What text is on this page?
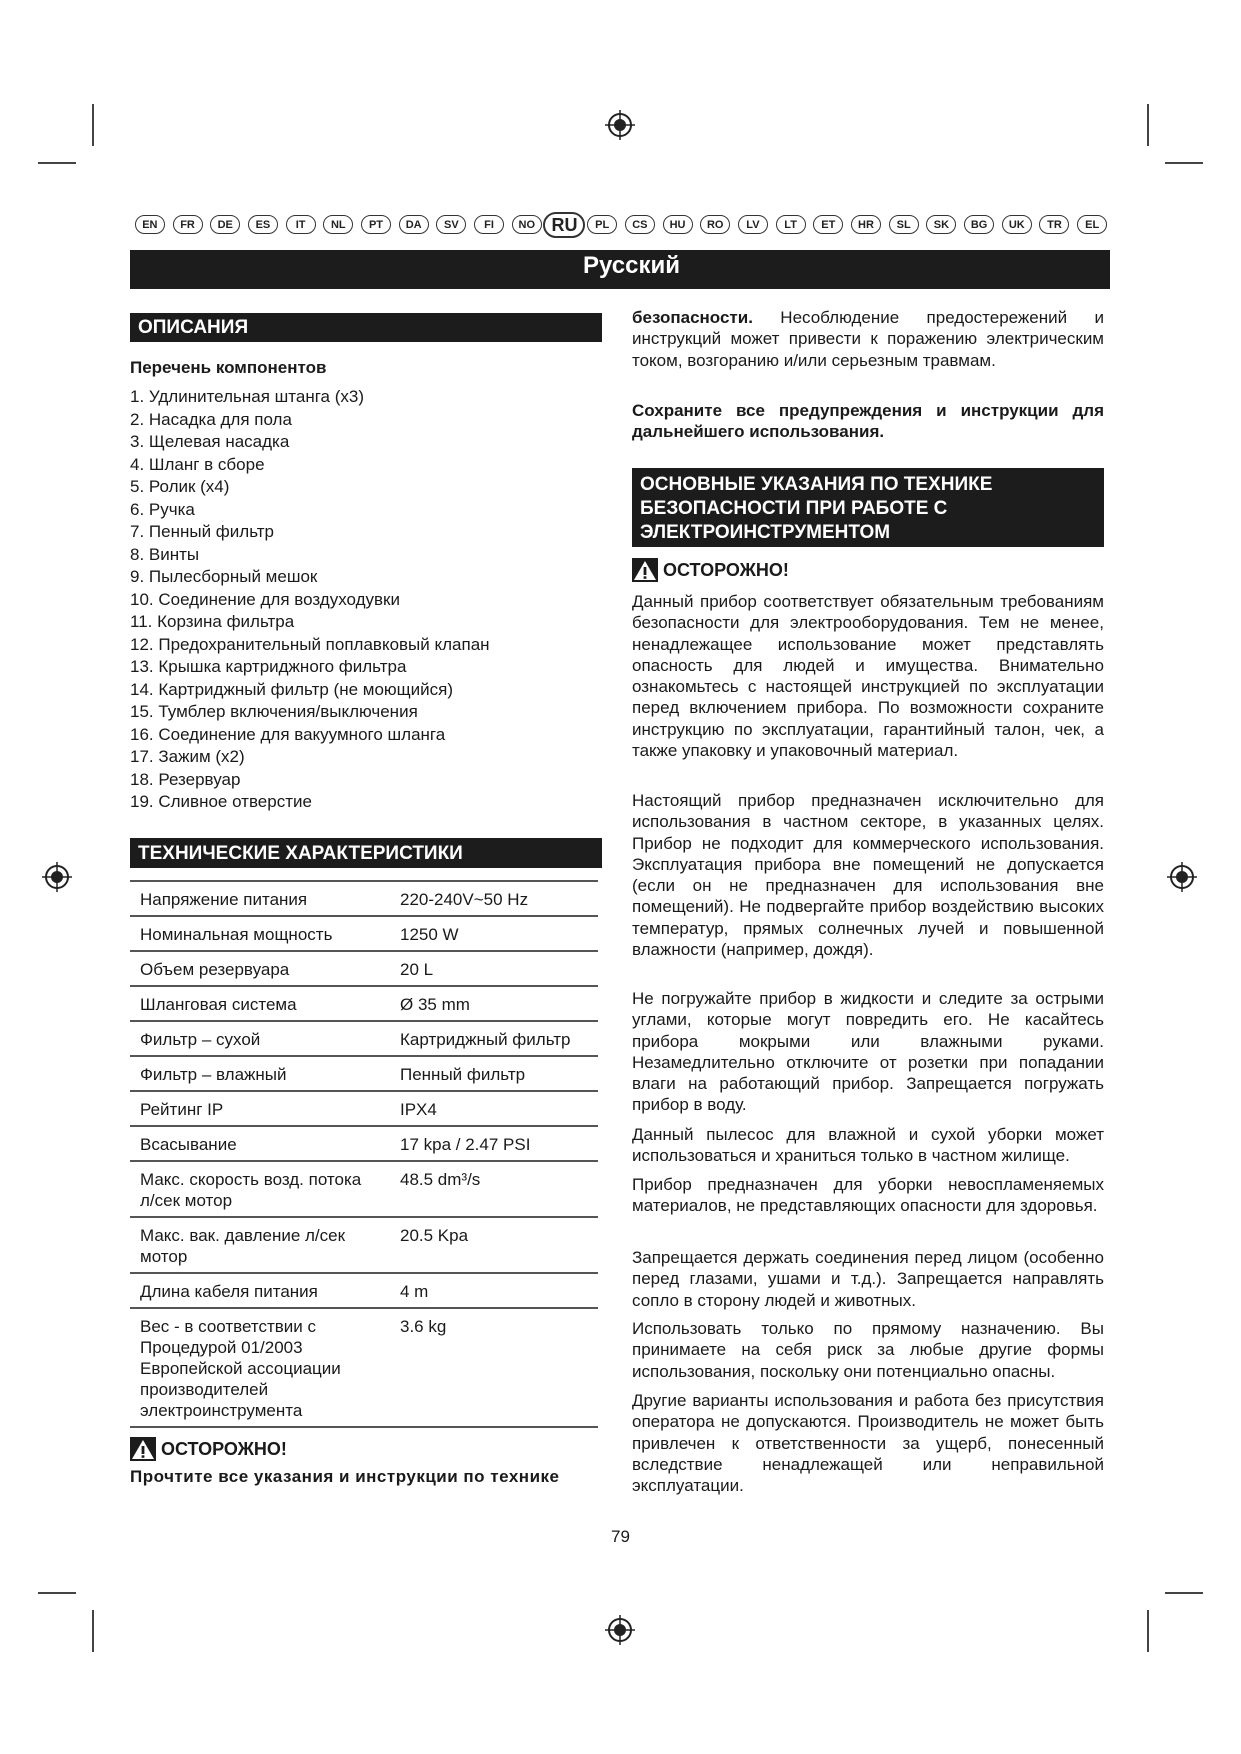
EN	FR	DE	ES	IT	NL	PT	DA	SV	FI	NO RU	PL	CS	HU	RO	LV	LT	ET	HR	SL	SK	BG	UK	TR	EL
Русский
ОПИСАНИЯ
Перечень компонентов
1. Удлинительная штанга (x3)
2. Насадка для пола
3. Щелевая насадка
4. Шланг в сборе
5. Ролик (x4)
6. Ручка
7. Пенный фильтр
8. Винты
9. Пылесборный мешок
10. Соединение для воздуходувки
11. Корзина фильтра
12. Предохранительный поплавковый клапан
13. Крышка картриджного фильтра
14. Картриджный фильтр (не моющийся)
15. Тумблер включения/выключения
16. Соединение для вакуумного шланга
17. Зажим (x2)
18. Резервуар
19. Сливное отверстие
ТЕХНИЧЕСКИЕ ХАРАКТЕРИСТИКИ
Напряжение питания	220-240V~50 Hz
Номинальная мощность	1250 W
Объем резервуара	20 L
Шланговая система	Ø 35 mm
Фильтр – сухой	Картриджный фильтр
Фильтр – влажный	Пенный фильтр
Рейтинг IP	IPX4
Всасывание	17 kpa / 2.47 PSI
Макс. скорость возд. потока л/сек мотор	48.5 dm³/s
Макс. вак. давление л/сек мотор	20.5 Kpa
Длина кабеля питания	4 m
Вес - в соответствии с Процедурой 01/2003 Европейской ассоциации производителей электроинструмента	3.6 kg
ОСТОРОЖНО!

Прочтите все указания и инструкции по технике

безопасности. Несоблюдение предостережений и инструкций может привести к поражению электрическим током, возгоранию и/или серьезным травмам.

Сохраните все предупреждения и инструкции для дальнейшего использования.

ОСНОВНЫЕ УКАЗАНИЯ ПО ТЕХНИКЕ БЕЗОПАСНОСТИ ПРИ РАБОТЕ С ЭЛЕКТРОИНСТРУМЕНТОМ
ОСТОРОЖНО!

Данный прибор соответствует обязательным требованиям безопасности для электрооборудования. Тем не менее, ненадлежащее использование может представлять опасность для людей и имущества. Внимательно ознакомьтесь с настоящей инструкцией по эксплуатации перед включением прибора. По возможности сохраните инструкцию по эксплуатации, гарантийный талон, чек, а также упаковку и упаковочный материал.

Настоящий прибор предназначен исключительно для использования в частном секторе, в указанных целях. Прибор не подходит для коммерческого использования. Эксплуатация прибора вне помещений не допускается (если он не предназначен для использования вне помещений). Не подвергайте прибор воздействию высоких температур, прямых солнечных лучей и повышенной влажности (например, дождя).

Не погружайте прибор в жидкости и следите за острыми углами, которые могут повредить его. Не касайтесь прибора мокрыми или влажными руками. Незамедлительно отключите от розетки при попадании влаги на работающий прибор. Запрещается погружать прибор в воду.

Данный пылесос для влажной и сухой уборки может использоваться и храниться только в частном жилище.

Прибор предназначен для уборки невоспламеняемых материалов, не представляющих опасности для здоровья.

Запрещается держать соединения перед лицом (особенно перед глазами, ушами и т.д.). Запрещается направлять сопло в сторону людей и животных.

Использовать только по прямому назначению. Вы принимаете на себя риск за любые другие формы использования, поскольку они потенциально опасны.

Другие варианты использования и работа без присутствия оператора не допускаются. Производитель не может быть привлечен к ответственности за ущерб, понесенный вследствие ненадлежащей или неправильной эксплуатации.

79
